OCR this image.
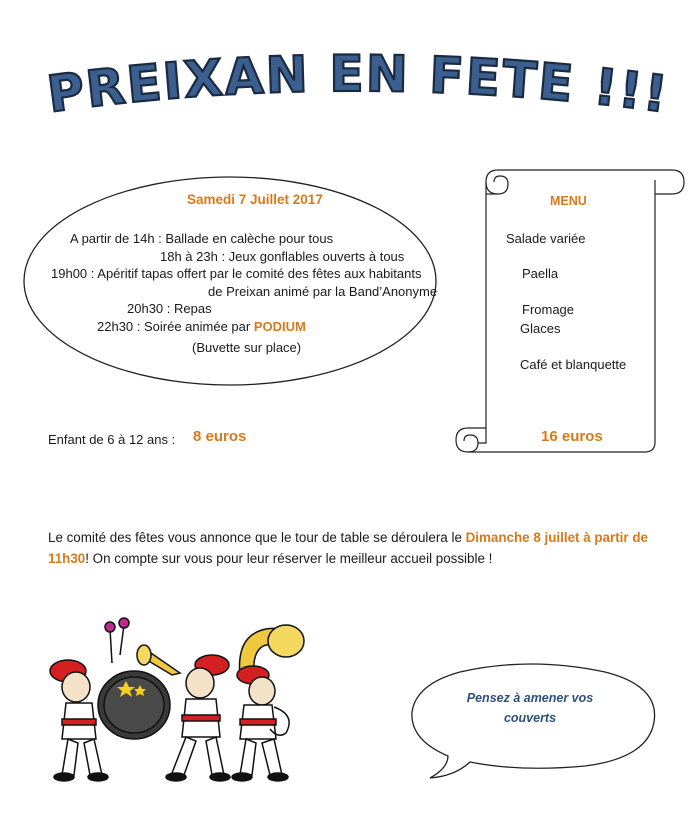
PREIXAN EN FETE !!!
Samedi 7 Juillet 2017
A partir de 14h : Ballade en calèche pour tous
18h à 23h : Jeux gonflables ouverts à tous
19h00 : Apéritif tapas offert par le comité des fêtes aux habitants
de Preixan animé par la Band’Anonyme
20h30 : Repas
22h30 : Soirée animée par PODIUM
(Buvette sur place)
MENU
Salade variée
Paella
Fromage
Glaces
Café et blanquette
Enfant de 6 à 12 ans : 8 euros	16 euros
Le comité des fêtes vous annonce que le tour de table se déroulera le Dimanche 8 juillet à partir de 11h30! On compte sur vous pour leur réserver le meilleur accueil possible !
Pensez à amener vos
couverts
